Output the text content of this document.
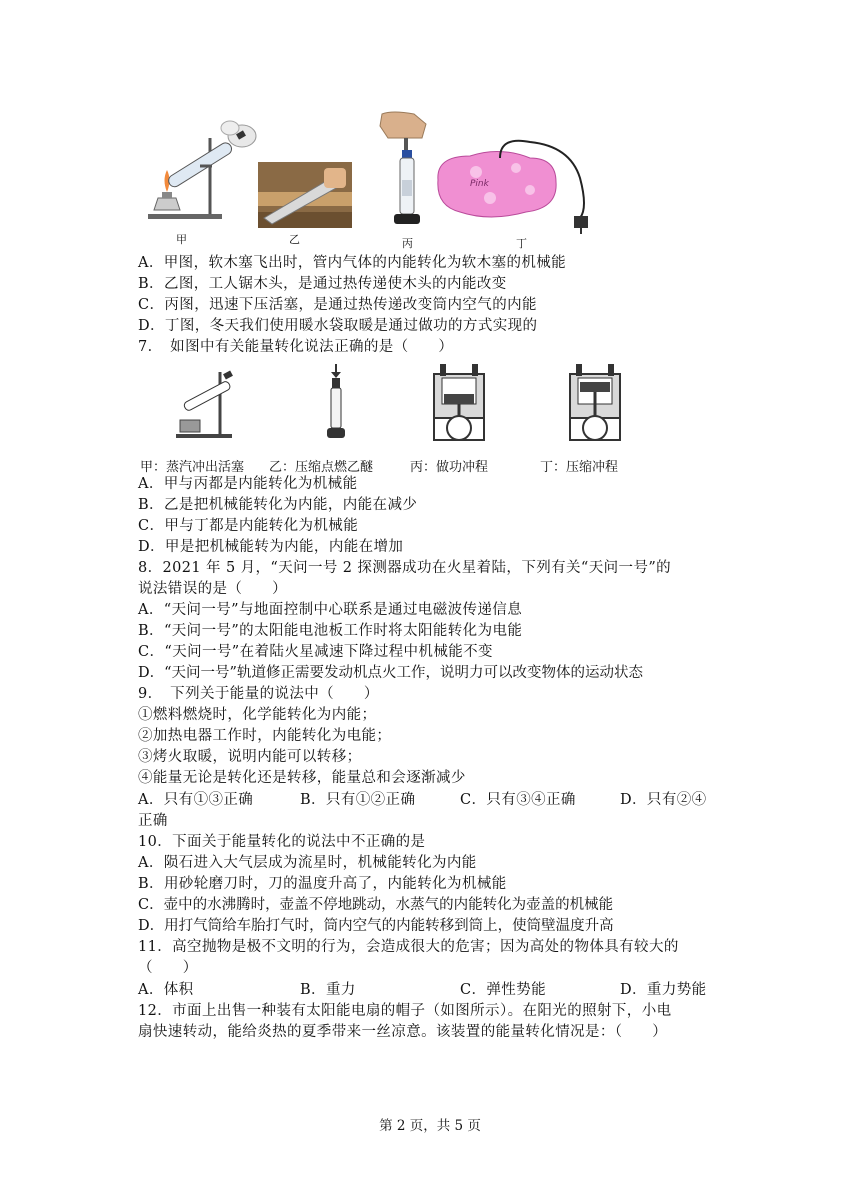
Pink
甲	乙	丙	丁
A．甲图，软木塞飞出时，管内气体的内能转化为软木塞的机械能
B．乙图，工人锯木头，是通过热传递使木头的内能改变
C．丙图，迅速下压活塞，是通过热传递改变筒内空气的内能
D．丁图，冬天我们使用暖水袋取暖是通过做功的方式实现的
7．　如图中有关能量转化说法正确的是（　　）
甲：蒸汽冲出活塞 乙：压缩点燃乙醚	丙：做功冲程	丁：压缩冲程
A．甲与丙都是内能转化为机械能
B．乙是把机械能转化为内能，内能在减少
C．甲与丁都是内能转化为机械能
D．甲是把机械能转为内能，内能在增加
8．2021 年 5 月，“天问一号 2 探测器成功在火星着陆，下列有关“天问一号”的
说法错误的是（　　）
A．“天问一号”与地面控制中心联系是通过电磁波传递信息
B．“天问一号”的太阳能电池板工作时将太阳能转化为电能
C．“天问一号”在着陆火星减速下降过程中机械能不变
D．“天问一号”轨道修正需要发动机点火工作，说明力可以改变物体的运动状态
9．　下列关于能量的说法中（　　）
①燃料燃烧时，化学能转化为内能；
②加热电器工作时，内能转化为电能；
③烤火取暖，说明内能可以转移；
④能量无论是转化还是转移，能量总和会逐渐减少
A．只有①③正确	B．只有①②正确	C．只有③④正确	D．只有②④
正确
10．下面关于能量转化的说法中不正确的是
A．陨石进入大气层成为流星时，机械能转化为内能
B．用砂轮磨刀时，刀的温度升高了，内能转化为机械能
C．壶中的水沸腾时，壶盖不停地跳动，水蒸气的内能转化为壶盖的机械能
D．用打气筒给车胎打气时，筒内空气的内能转移到筒上，使筒壁温度升高
11．高空抛物是极不文明的行为，会造成很大的危害；因为高处的物体具有较大的
（　　）
A．体积	B．重力	C．弹性势能	D．重力势能
12．市面上出售一种装有太阳能电扇的帽子（如图所示）。在阳光的照射下，小电
扇快速转动，能给炎热的夏季带来一丝凉意。该装置的能量转化情况是：（　　）
第 2 页，共 5 页
